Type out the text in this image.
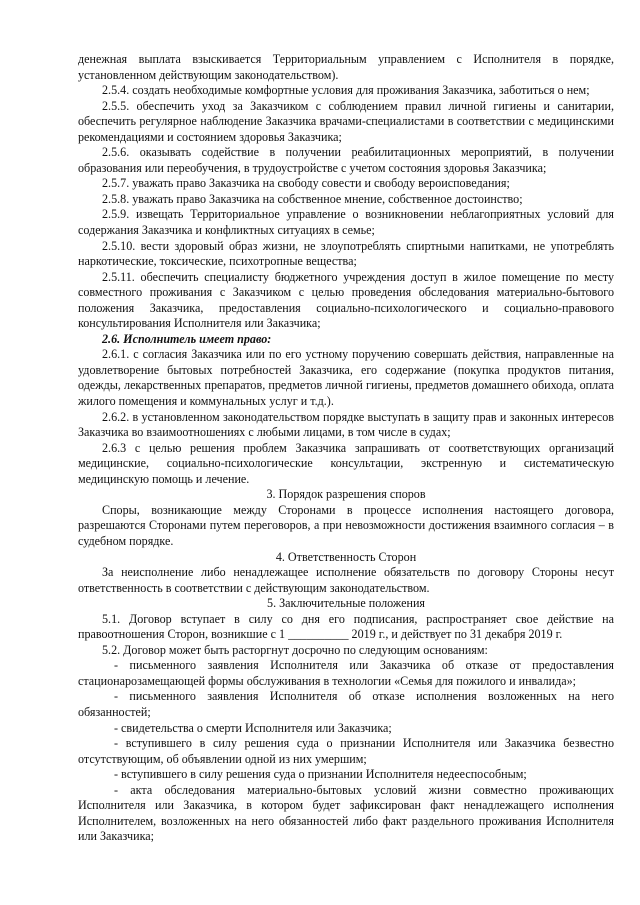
денежная выплата взыскивается Территориальным управлением с Исполнителя в порядке, установленном действующим законодательством).

2.5.4. создать необходимые комфортные условия для проживания Заказчика, заботиться о нем;

2.5.5. обеспечить уход за Заказчиком с соблюдением правил личной гигиены и санитарии, обеспечить регулярное наблюдение Заказчика врачами-специалистами в соответствии с медицинскими рекомендациями и состоянием здоровья Заказчика;

2.5.6. оказывать содействие в получении реабилитационных мероприятий, в получении образования или переобучения, в трудоустройстве с учетом состояния здоровья Заказчика;

2.5.7. уважать право Заказчика на свободу совести и свободу вероисповедания;

2.5.8. уважать право Заказчика на собственное мнение, собственное достоинство;

2.5.9. извещать Территориальное управление о возникновении неблагоприятных условий для содержания Заказчика и конфликтных ситуациях в семье;

2.5.10. вести здоровый образ жизни, не злоупотреблять спиртными напитками, не употреблять наркотические, токсические, психотропные вещества;

2.5.11. обеспечить специалисту бюджетного учреждения доступ в жилое помещение по месту совместного проживания с Заказчиком с целью проведения обследования материально-бытового положения Заказчика, предоставления социально-психологического и социально-правового консультирования Исполнителя или Заказчика;

2.6. Исполнитель имеет право:

2.6.1. с согласия Заказчика или по его устному поручению совершать действия, направленные на удовлетворение бытовых потребностей Заказчика, его содержание (покупка продуктов питания, одежды, лекарственных препаратов, предметов личной гигиены, предметов домашнего обихода, оплата жилого помещения и коммунальных услуг и т.д.).

2.6.2. в установленном законодательством порядке выступать в защиту прав и законных интересов Заказчика во взаимоотношениях с любыми лицами, в том числе в судах;

2.6.3 с целью решения проблем Заказчика запрашивать от соответствующих организаций медицинские, социально-психологические консультации, экстренную и систематическую медицинскую помощь и лечение.

3. Порядок разрешения споров

Споры, возникающие между Сторонами в процессе исполнения настоящего договора, разрешаются Сторонами путем переговоров, а при невозможности достижения взаимного согласия – в судебном порядке.

4. Ответственность Сторон

За неисполнение либо ненадлежащее исполнение обязательств по договору Стороны несут ответственность в соответствии с действующим законодательством.

5. Заключительные положения

5.1. Договор вступает в силу со дня его подписания, распространяет свое действие на правоотношения Сторон, возникшие с 1 __________ 2019 г., и действует по 31 декабря 2019 г.

5.2. Договор может быть расторгнут досрочно по следующим основаниям:

- письменного заявления Исполнителя или Заказчика об отказе от предоставления стационарозамещающей формы обслуживания в технологии «Семья для пожилого и инвалида»;

- письменного заявления Исполнителя об отказе исполнения возложенных на него обязанностей;

- свидетельства о смерти Исполнителя или Заказчика;

- вступившего в силу решения суда о признании Исполнителя или Заказчика безвестно отсутствующим, об объявлении одной из них умершим;

- вступившего в силу решения суда о признании Исполнителя недееспособным;

- акта обследования материально-бытовых условий жизни совместно проживающих Исполнителя или Заказчика, в котором будет зафиксирован факт ненадлежащего исполнения Исполнителем, возложенных на него обязанностей либо факт раздельного проживания Исполнителя или Заказчика;
